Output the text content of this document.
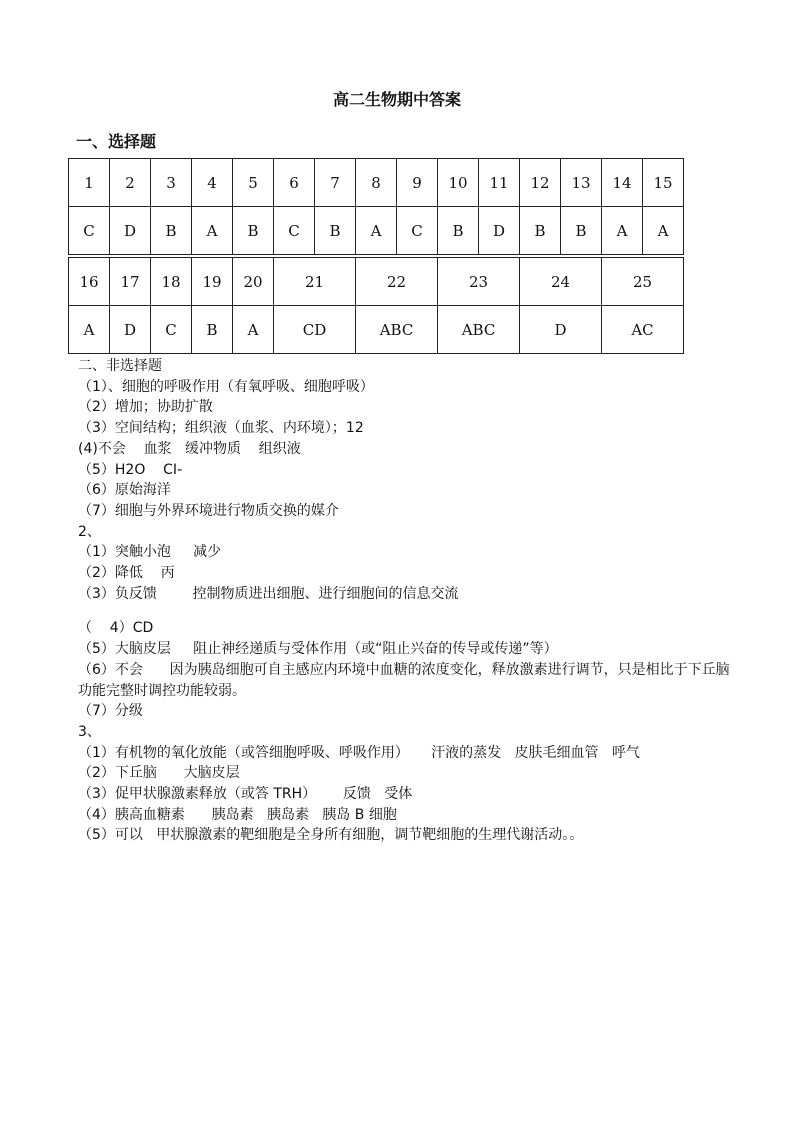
高二生物期中答案
一、选择题
1	2	3	4	5	6	7	8	9	10	11	12	13	14	15
C	D	B	A	B	C	B	A	C	B	D	B	B	A	A
16	17	18	19	20	21	22	23	24	25
A	D	C	B	A	CD	ABC	ABC	D	AC
二、非选择题
（1）、细胞的呼吸作用（有氧呼吸、细胞呼吸）
（2）增加；协助扩散
（3）空间结构；组织液（血浆、内环境）；12
(4)不会    血浆   缓冲物质    组织液
（5）H2O    CI-
（6）原始海洋
（7）细胞与外界环境进行物质交换的媒介
2、
（1）突触小泡     减少
（2）降低    丙
（3）负反馈        控制物质进出细胞、进行细胞间的信息交流
（    4）CD
（5）大脑皮层     阻止神经递质与受体作用（或“阻止兴奋的传导或传递”等）
（6）不会      因为胰岛细胞可自主感应内环境中血糖的浓度变化，释放激素进行调节，只是相比于下丘脑功能完整时调控功能较弱。
（7）分级
3、
（1）有机物的氧化放能（或答细胞呼吸、呼吸作用）     汗液的蒸发   皮肤毛细血管   呼气
（2）下丘脑      大脑皮层
（3）促甲状腺激素释放（或答 TRH）      反馈   受体
（4）胰高血糖素      胰岛素   胰岛素   胰岛 B 细胞
（5）可以   甲状腺激素的靶细胞是全身所有细胞，调节靶细胞的生理代谢活动。。
